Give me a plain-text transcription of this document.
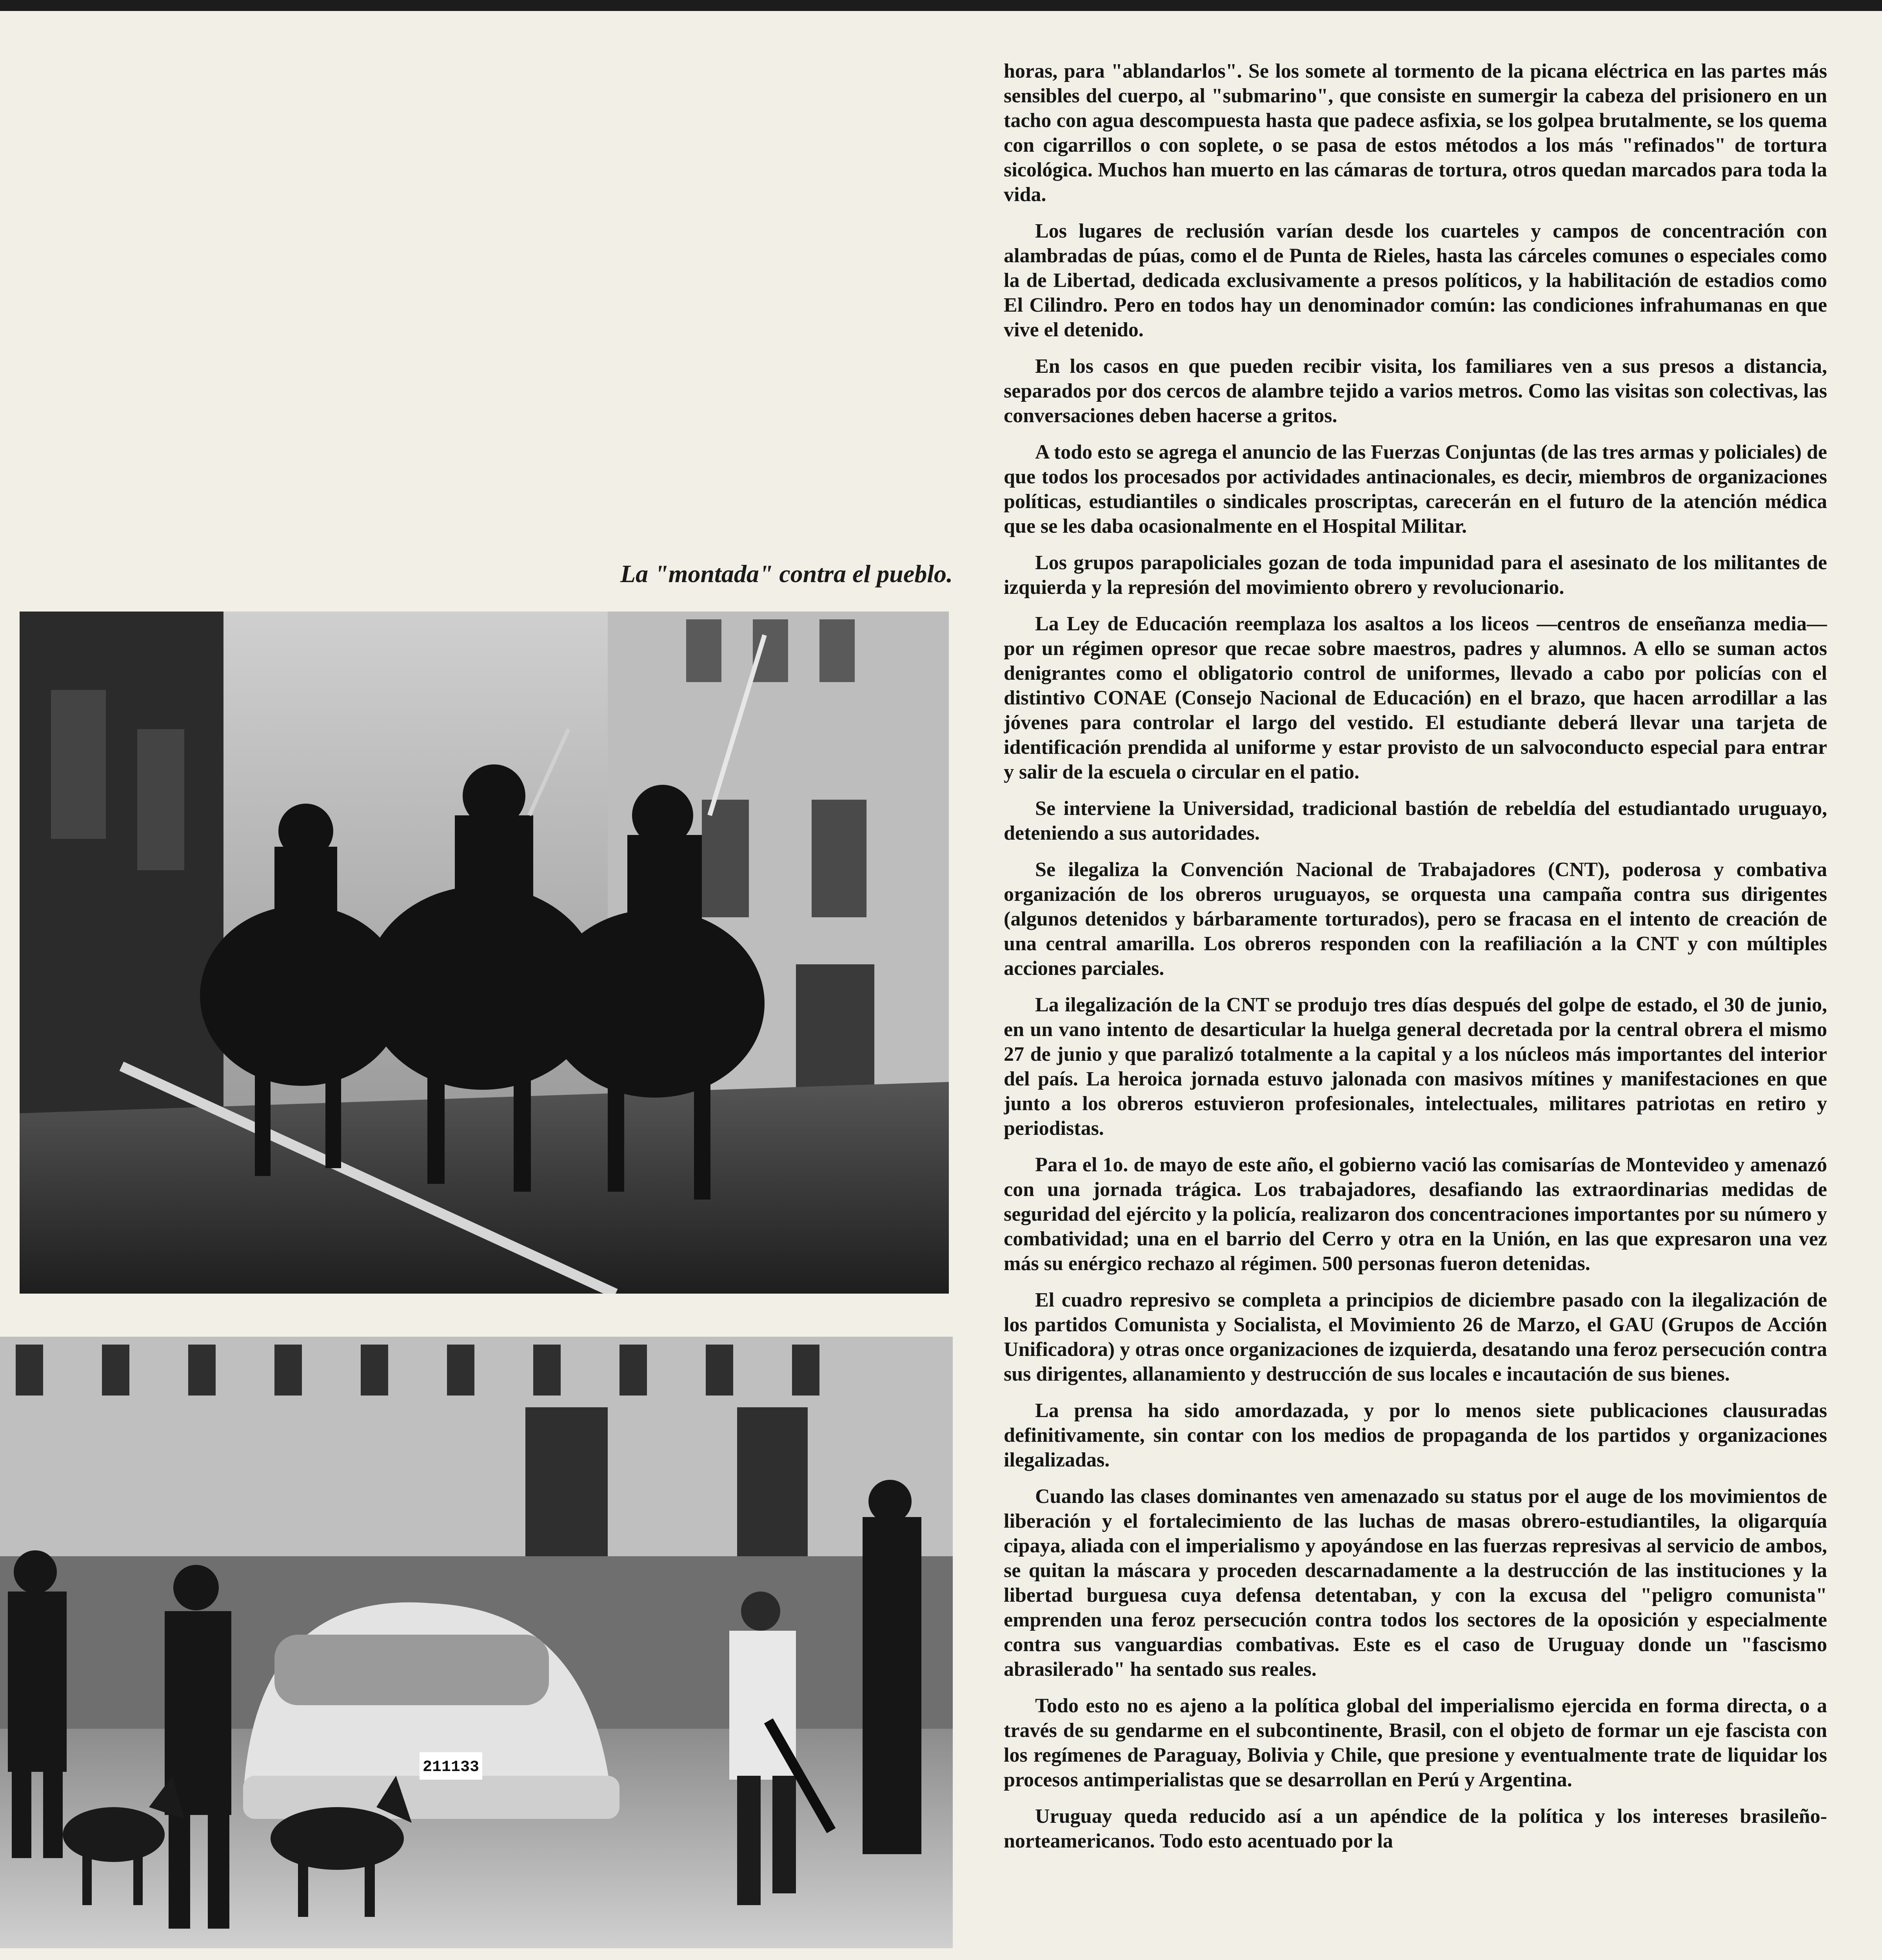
La "montada" contra el pueblo.
211133

horas, para "ablandarlos". Se los somete al tormento de la picana eléctrica en las partes más sensibles del cuerpo, al "submarino", que consiste en sumergir la cabeza del prisionero en un tacho con agua descompuesta hasta que padece asfixia, se los golpea brutalmente, se los quema con cigarrillos o con soplete, o se pasa de estos métodos a los más "refinados" de tortura sicológica. Muchos han muerto en las cámaras de tortura, otros quedan marcados para toda la vida.

Los lugares de reclusión varían desde los cuarteles y campos de concentración con alambradas de púas, como el de Punta de Rieles, hasta las cárceles comunes o especiales como la de Libertad, dedicada exclusivamente a presos políticos, y la habilitación de estadios como El Cilindro. Pero en todos hay un denominador común: las condiciones infrahumanas en que vive el detenido.

En los casos en que pueden recibir visita, los familiares ven a sus presos a distancia, separados por dos cercos de alambre tejido a varios metros. Como las visitas son colectivas, las conversaciones deben hacerse a gritos.

A todo esto se agrega el anuncio de las Fuerzas Conjuntas (de las tres armas y policiales) de que todos los procesados por actividades antinacionales, es decir, miembros de organizaciones políticas, estudiantiles o sindicales proscriptas, carecerán en el futuro de la atención médica que se les daba ocasionalmente en el Hospital Militar.

Los grupos parapoliciales gozan de toda impunidad para el asesinato de los militantes de izquierda y la represión del movimiento obrero y revolucionario.

La Ley de Educación reemplaza los asaltos a los liceos —centros de enseñanza media— por un régimen opresor que recae sobre maestros, padres y alumnos. A ello se suman actos denigrantes como el obligatorio control de uniformes, llevado a cabo por policías con el distintivo CONAE (Consejo Nacional de Educación) en el brazo, que hacen arrodillar a las jóvenes para controlar el largo del vestido. El estudiante deberá llevar una tarjeta de identificación prendida al uniforme y estar provisto de un salvoconducto especial para entrar y salir de la escuela o circular en el patio.

Se interviene la Universidad, tradicional bastión de rebeldía del estudiantado uruguayo, deteniendo a sus autoridades.

Se ilegaliza la Convención Nacional de Trabajadores (CNT), poderosa y combativa organización de los obreros uruguayos, se orquesta una campaña contra sus dirigentes (algunos detenidos y bárbaramente torturados), pero se fracasa en el intento de creación de una central amarilla. Los obreros responden con la reafiliación a la CNT y con múltiples acciones parciales.

La ilegalización de la CNT se produjo tres días después del golpe de estado, el 30 de junio, en un vano intento de desarticular la huelga general decretada por la central obrera el mismo 27 de junio y que paralizó totalmente a la capital y a los núcleos más importantes del interior del país. La heroica jornada estuvo jalonada con masivos mítines y manifestaciones en que junto a los obreros estuvieron profesionales, intelectuales, militares patriotas en retiro y periodistas.

Para el 1o. de mayo de este año, el gobierno vació las comisarías de Montevideo y amenazó con una jornada trágica. Los trabajadores, desafiando las extraordinarias medidas de seguridad del ejército y la policía, realizaron dos concentraciones importantes por su número y combatividad; una en el barrio del Cerro y otra en la Unión, en las que expresaron una vez más su enérgico rechazo al régimen. 500 personas fueron detenidas.

El cuadro represivo se completa a principios de diciembre pasado con la ilegalización de los partidos Comunista y Socialista, el Movimiento 26 de Marzo, el GAU (Grupos de Acción Unificadora) y otras once organizaciones de izquierda, desatando una feroz persecución contra sus dirigentes, allanamiento y destrucción de sus locales e incautación de sus bienes.

La prensa ha sido amordazada, y por lo menos siete publicaciones clausuradas definitivamente, sin contar con los medios de propaganda de los partidos y organizaciones ilegalizadas.

Cuando las clases dominantes ven amenazado su status por el auge de los movimientos de liberación y el fortalecimiento de las luchas de masas obrero-estudiantiles, la oligarquía cipaya, aliada con el imperialismo y apoyándose en las fuerzas represivas al servicio de ambos, se quitan la máscara y proceden descarnadamente a la destrucción de las instituciones y la libertad burguesa cuya defensa detentaban, y con la excusa del "peligro comunista" emprenden una feroz persecución contra todos los sectores de la oposición y especialmente contra sus vanguardias combativas. Este es el caso de Uruguay donde un "fascismo abrasilerado" ha sentado sus reales.

Todo esto no es ajeno a la política global del imperialismo ejercida en forma directa, o a través de su gendarme en el subcontinente, Brasil, con el objeto de formar un eje fascista con los regímenes de Paraguay, Bolivia y Chile, que presione y eventualmente trate de liquidar los procesos antimperialistas que se desarrollan en Perú y Argentina.

Uruguay queda reducido así a un apéndice de la política y los intereses brasileño-norteamericanos. Todo esto acentuado por la
